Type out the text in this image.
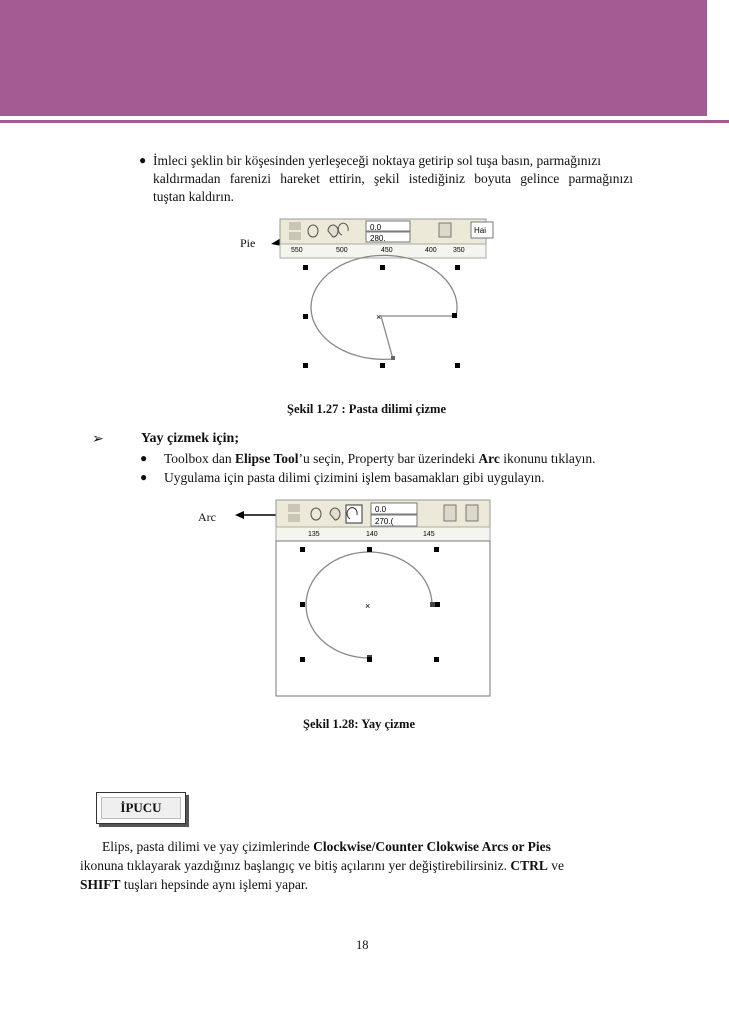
● İmleci şeklin bir köşesinden yerleşeceği noktaya getirip sol tuşa basın, parmağınızı
kaldırmadan farenizi hareket ettirin, şekil istediğiniz boyuta gelince parmağınızı
tuştan kaldırın.
Pie
0.0
280.
Hai
550	500	450	400 350
×
Şekil 1.27 : Pasta dilimi çizme
➢	Yay çizmek için;
● Toolbox dan Elipse Tool’u seçin, Property bar üzerindeki Arc ikonunu tıklayın.
● Uygulama için pasta dilimi çizimini işlem basamakları gibi uygulayın.
Arc
0.0
270.(
135	140	145
×
Şekil 1.28: Yay çizme
İPUCU
Elips, pasta dilimi ve yay çizimlerinde Clockwise/Counter Clokwise Arcs or Pies
ikonuna tıklayarak yazdığınız başlangıç ve bitiş açılarını yer değiştirebilirsiniz. CTRL ve
SHIFT tuşları hepsinde aynı işlemi yapar.
18
